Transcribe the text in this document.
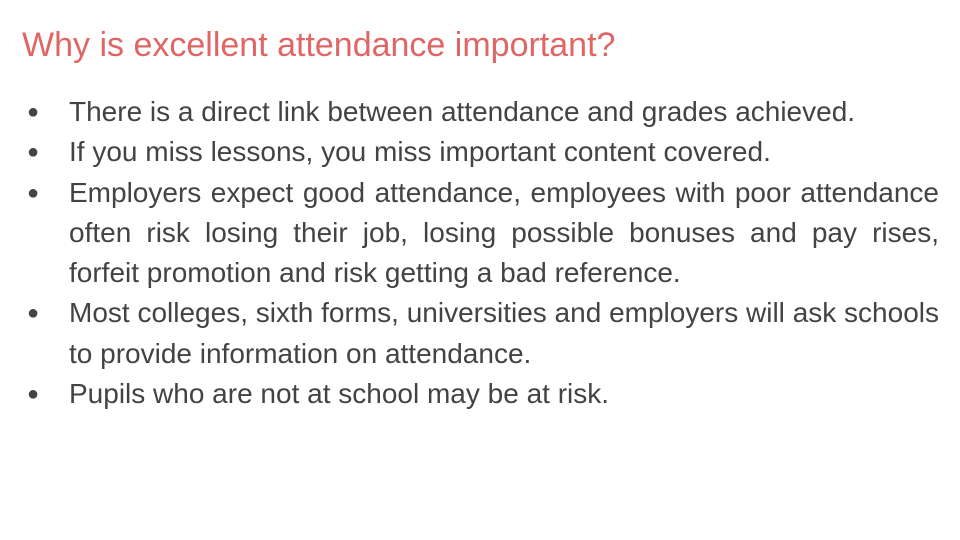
Why is excellent attendance important?
● There is a direct link between attendance and grades achieved.
● If you miss lessons, you miss important content covered.
● Employers expect good attendance, employees with poor attendance often risk losing their job, losing possible bonuses and pay rises, forfeit promotion and risk getting a bad reference.
● Most colleges, sixth forms, universities and employers will ask schools to provide information on attendance.
● Pupils who are not at school may be at risk.
